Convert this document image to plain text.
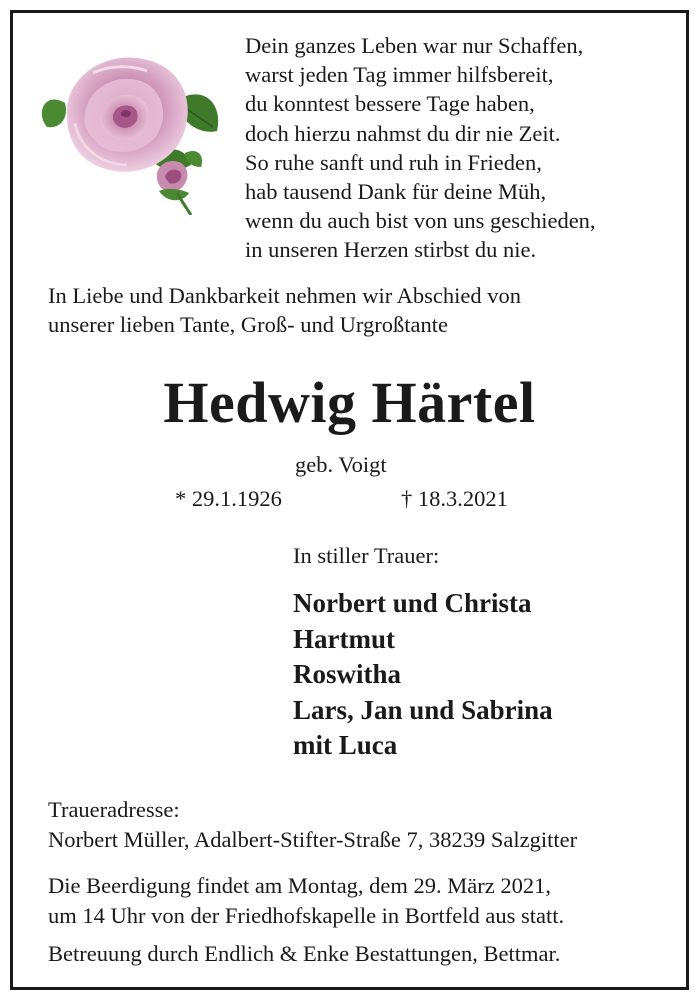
Dein ganzes Leben war nur Schaffen,
warst jeden Tag immer hilfsbereit,
du konntest bessere Tage haben,
doch hierzu nahmst du dir nie Zeit.
So ruhe sanft und ruh in Frieden,
hab tausend Dank für deine Müh,
wenn du auch bist von uns geschieden,
in unseren Herzen stirbst du nie.
In Liebe und Dankbarkeit nehmen wir Abschied von
unserer lieben Tante, Groß- und Urgroßtante
Hedwig Härtel
geb. Voigt
* 29.1.1926	† 18.3.2021
In stiller Trauer:
Norbert und Christa
Hartmut
Roswitha
Lars, Jan und Sabrina
mit Luca
Traueradresse:
Norbert Müller, Adalbert-Stifter-Straße 7, 38239 Salzgitter
Die Beerdigung findet am Montag, dem 29. März 2021,
um 14 Uhr von der Friedhofskapelle in Bortfeld aus statt.
Betreuung durch Endlich & Enke Bestattungen, Bettmar.
